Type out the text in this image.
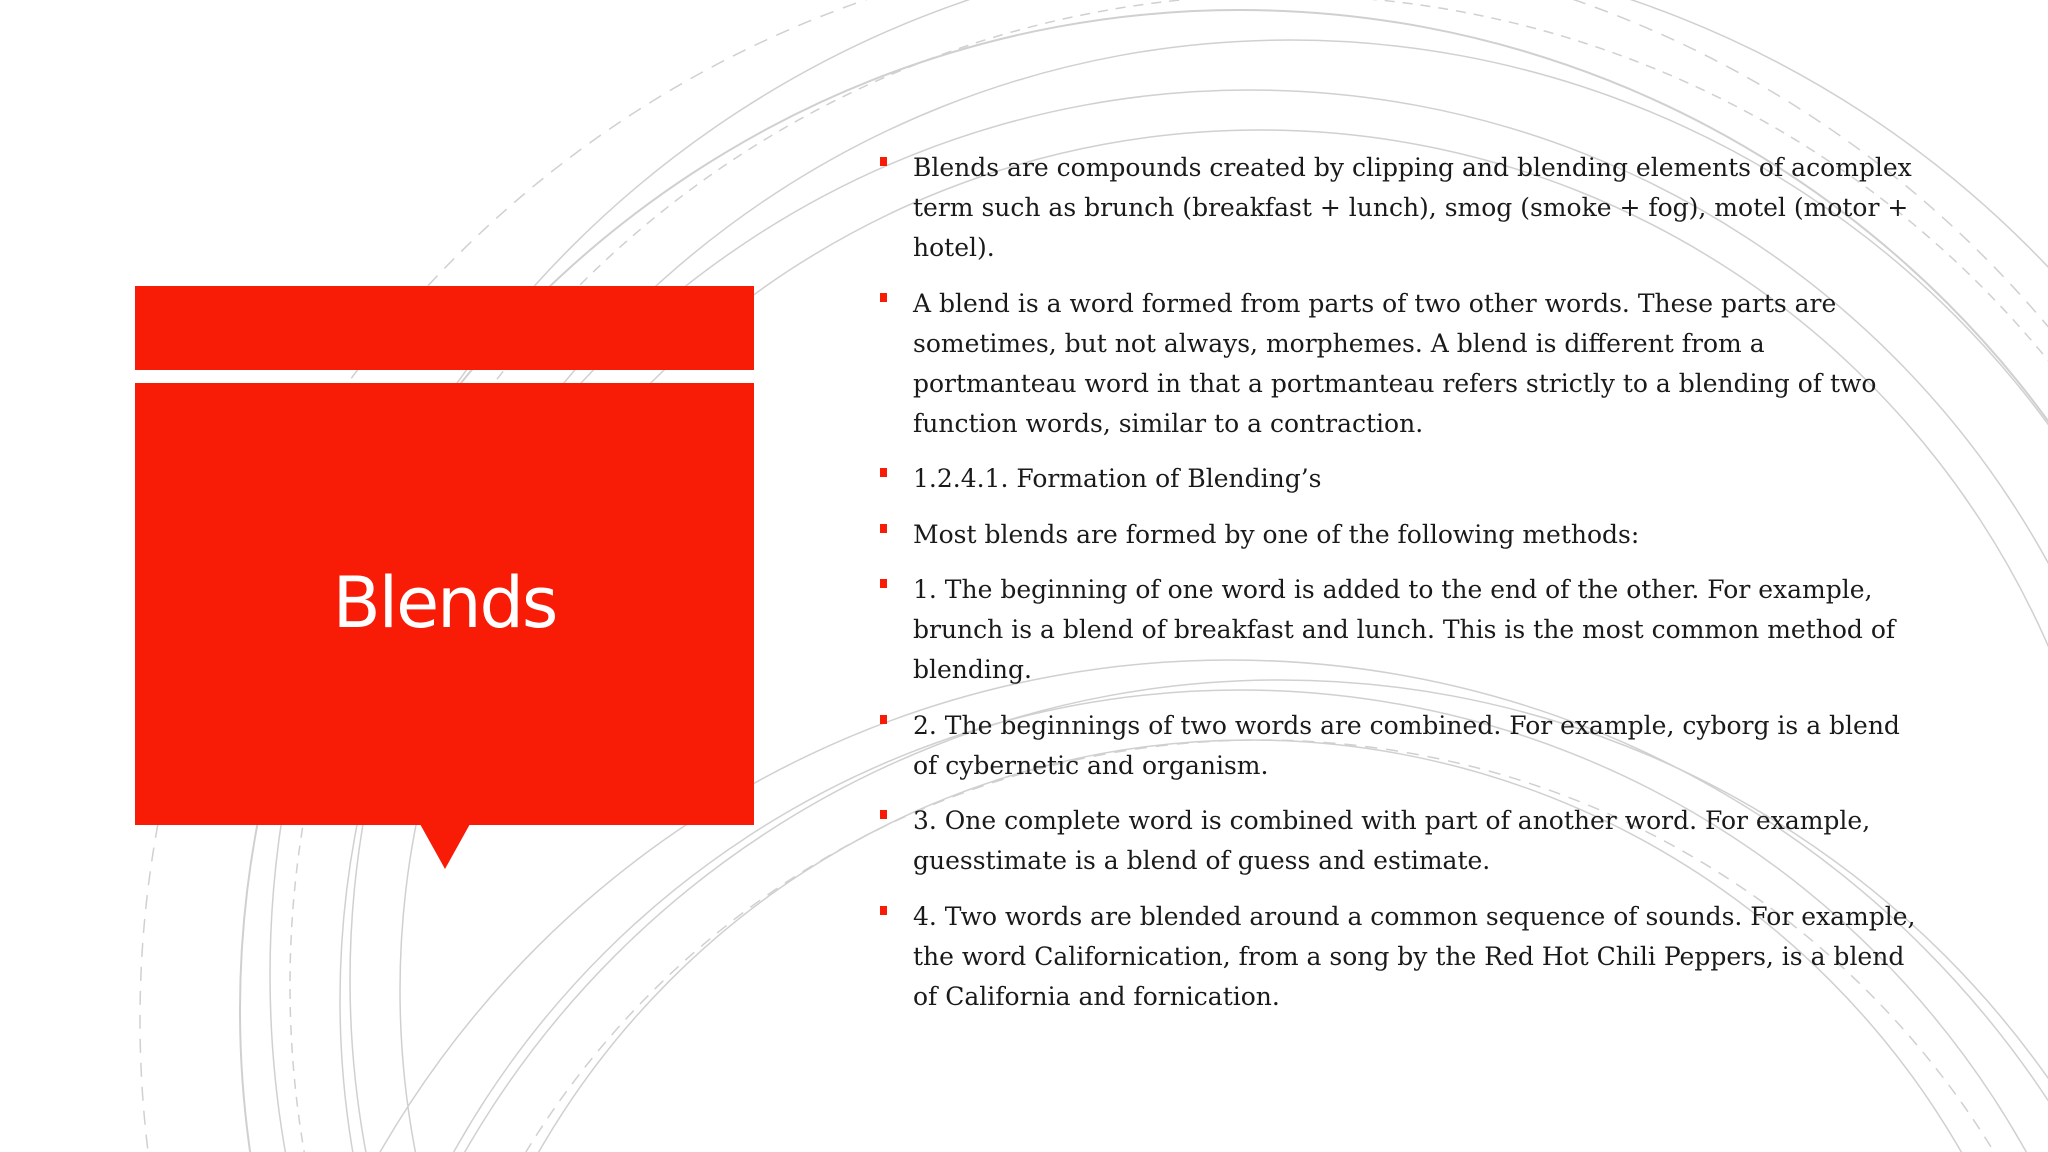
Blends
Blends are compounds created by clipping and blending elements of acomplex term such as brunch (breakfast + lunch), smog (smoke + fog), motel (motor + hotel).
A blend is a word formed from parts of two other words. These parts are sometimes, but not always, morphemes. A blend is different from a portmanteau word in that a portmanteau refers strictly to a blending of two function words, similar to a contraction.
1.2.4.1. Formation of Blending’s
Most blends are formed by one of the following methods:
1. The beginning of one word is added to the end of the other. For example, brunch is a blend of breakfast and lunch. This is the most common method of blending.
2. The beginnings of two words are combined. For example, cyborg is a blend of cybernetic and organism.
3. One complete word is combined with part of another word. For example, guesstimate is a blend of guess and estimate.
4. Two words are blended around a common sequence of sounds. For example, the word Californication, from a song by the Red Hot Chili Peppers, is a blend of California and fornication.
